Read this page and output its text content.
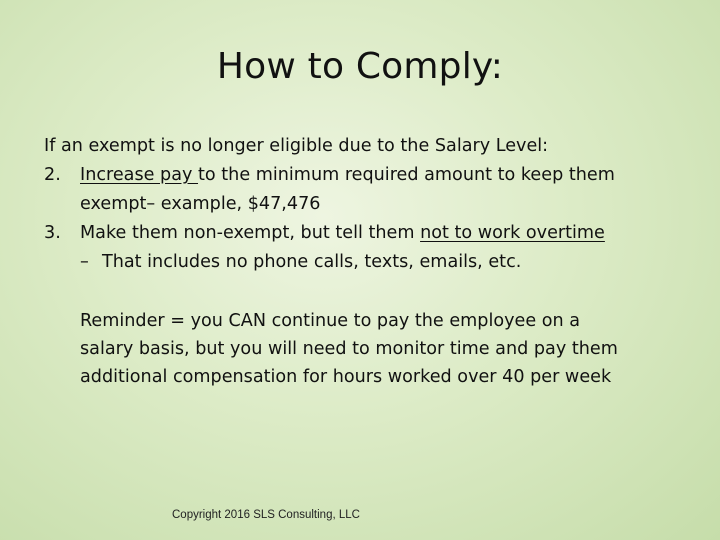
How to Comply:
If an exempt is no longer eligible due to the Salary Level:
2.	Increase pay to the minimum required amount to keep them
exempt– example, $47,476
3.	Make them non-exempt, but tell them not to work overtime
– That includes no phone calls, texts, emails, etc.
Reminder = you CAN continue to pay the employee on a
salary basis, but you will need to monitor time and pay them
additional compensation for hours worked over 40 per week
Copyright 2016 SLS Consulting, LLC
